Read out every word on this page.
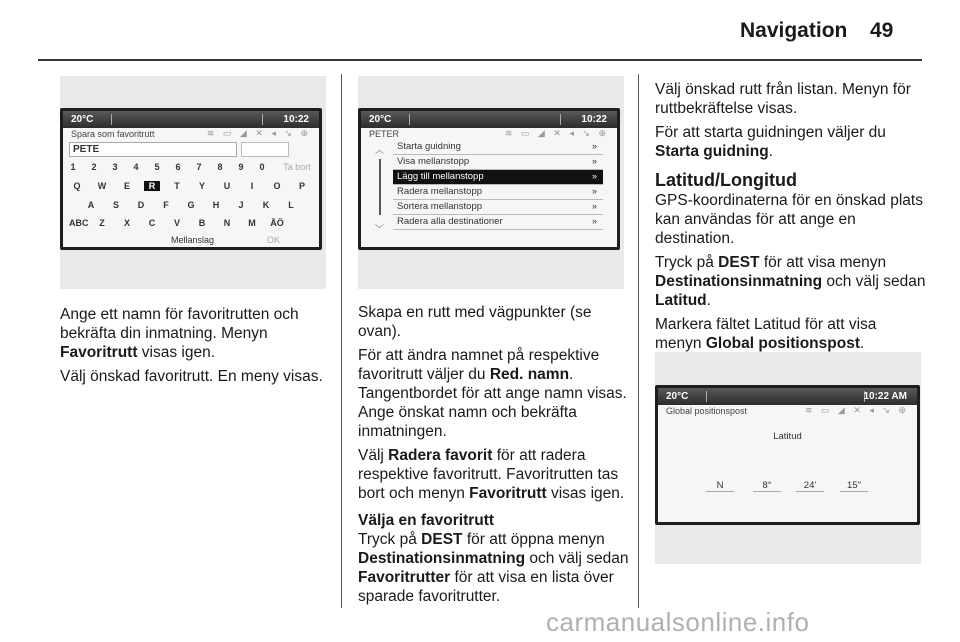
Navigation 49
20°C	10:22
Spara som favoritrutt	≋ ▭ ◢ ✕ ◂ ↘ ⊕
PETE
1	2	3	4	5	6	7	8	9	0	Ta bort
Q	W	E	R	T	Y	U	I	O	P
A	S	D	F	G	H	J	K	L
ABC	Z	X	C	V	B	N	M	ÅÖ
Mellanslag	OK
20°C	10:22
PETER	≋ ▭ ◢ ✕ ◂ ↘ ⊕
︿
﹀
Starta guidning	»
Visa mellanstopp	»
Lägg till mellanstopp	»
Radera mellanstopp	»
Sortera mellanstopp	»
Radera alla destinationer	»
20°C	10:22 AM
Global positionspost	≋ ▭ ◢ ✕ ◂ ↘ ⊕
Latitud
N	8°	24'	15"

Ange ett namn för favoritrutten och bekräfta din inmatning. Menyn Favoritrutt visas igen.

Välj önskad favoritrutt. En meny visas.

Skapa en rutt med vägpunkter (se ovan).

För att ändra namnet på respektive favoritrutt väljer du Red. namn. Tangentbordet för att ange namn visas. Ange önskat namn och bekräfta inmatningen.

Välj Radera favorit för att radera respektive favoritrutt. Favoritrutten tas bort och menyn Favoritrutt visas igen.

Välja en favoritrutt

Tryck på DEST för att öppna menyn Destinationsinmatning och välj sedan Favoritrutter för att visa en lista över sparade favoritrutter.

Välj önskad rutt från listan. Menyn för ruttbekräftelse visas.

För att starta guidningen väljer du Starta guidning.

Latitud/Longitud

GPS-koordinaterna för en önskad plats kan användas för att ange en destination.

Tryck på DEST för att visa menyn Destinationsinmatning och välj sedan Latitud.

Markera fältet Latitud för att visa menyn Global positionspost.

carmanualsonline.info
